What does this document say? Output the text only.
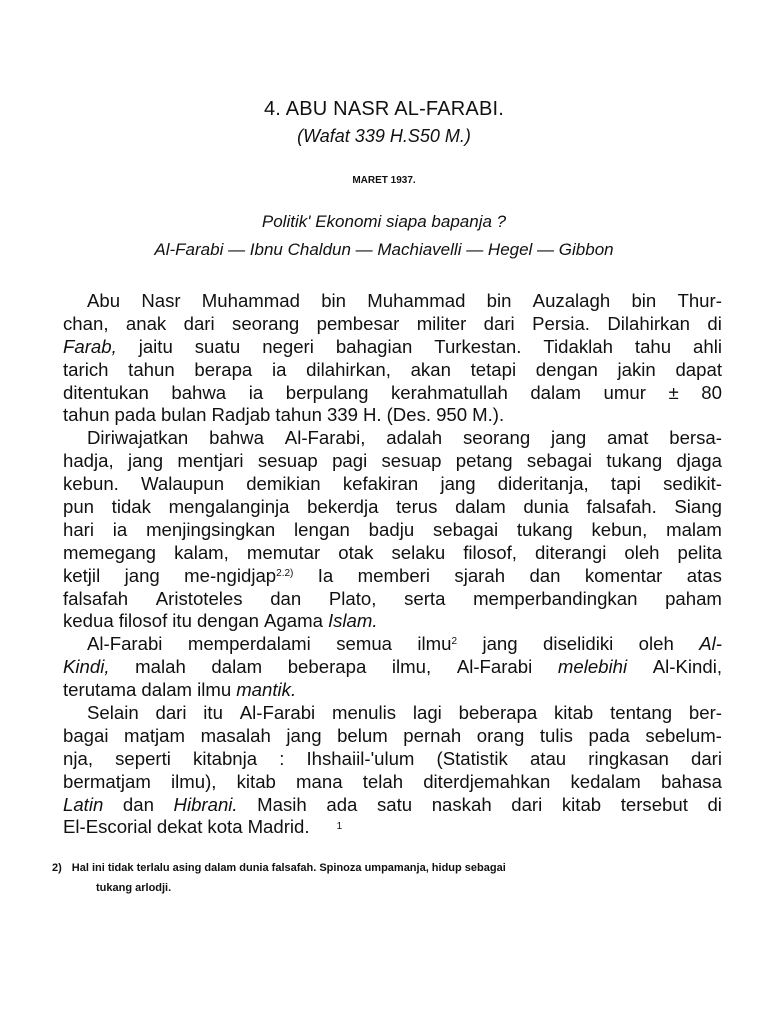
4. ABU NASR AL-FARABI.
(Wafat 339 H.S50 M.)
MARET 1937.
Politik' Ekonomi siapa bapanja ?
Al-Farabi — Ibnu Chaldun — Machiavelli — Hegel — Gibbon
Abu Nasr Muhammad bin Muhammad bin Auzalagh bin Thur-
chan, anak dari seorang pembesar militer dari Persia. Dilahirkan di
Farab, jaitu suatu negeri bahagian Turkestan. Tidaklah tahu ahli
tarich tahun berapa ia dilahirkan, akan tetapi dengan jakin dapat
ditentukan bahwa ia berpulang kerahmatullah dalam umur ± 80
tahun pada bulan Radjab tahun 339 H. (Des. 950 M.).
Diriwajatkan bahwa Al-Farabi, adalah seorang jang amat bersa-
hadja, jang mentjari sesuap pagi sesuap petang sebagai tukang djaga
kebun. Walaupun demikian kefakiran jang dideritanja, tapi sedikit-
pun tidak mengalanginja bekerdja terus dalam dunia falsafah. Siang
hari ia menjingsingkan lengan badju sebagai tukang kebun, malam
memegang kalam, memutar otak selaku filosof, diterangi oleh pelita
ketjil jang me-ngidjap$^{2.2)}$ Ia memberi sjarah dan komentar atas
falsafah Aristoteles dan Plato, serta memperbandingkan paham
kedua filosof itu dengan Agama Islam.
Al-Farabi memperdalami semua ilmu$^2$ jang diselidiki oleh Al-
Kindi, malah dalam beberapa ilmu, Al-Farabi melebihi Al-Kindi,
terutama dalam ilmu mantik.
Selain dari itu Al-Farabi menulis lagi beberapa kitab tentang ber-
bagai matjam masalah jang belum pernah orang tulis pada sebelum-
nja, seperti kitabnja : Ihshaiil-'ulum (Statistik atau ringkasan dari
bermatjam ilmu), kitab mana telah diterdjemahkan kedalam bahasa
Latin dan Hibrani. Masih ada satu naskah dari kitab tersebut di
El-Escorial dekat kota Madrid.	1
2) Hal ini tidak terlalu asing dalam dunia falsafah. Spinoza umpamanja, hidup sebagai
tukang arlodji.
